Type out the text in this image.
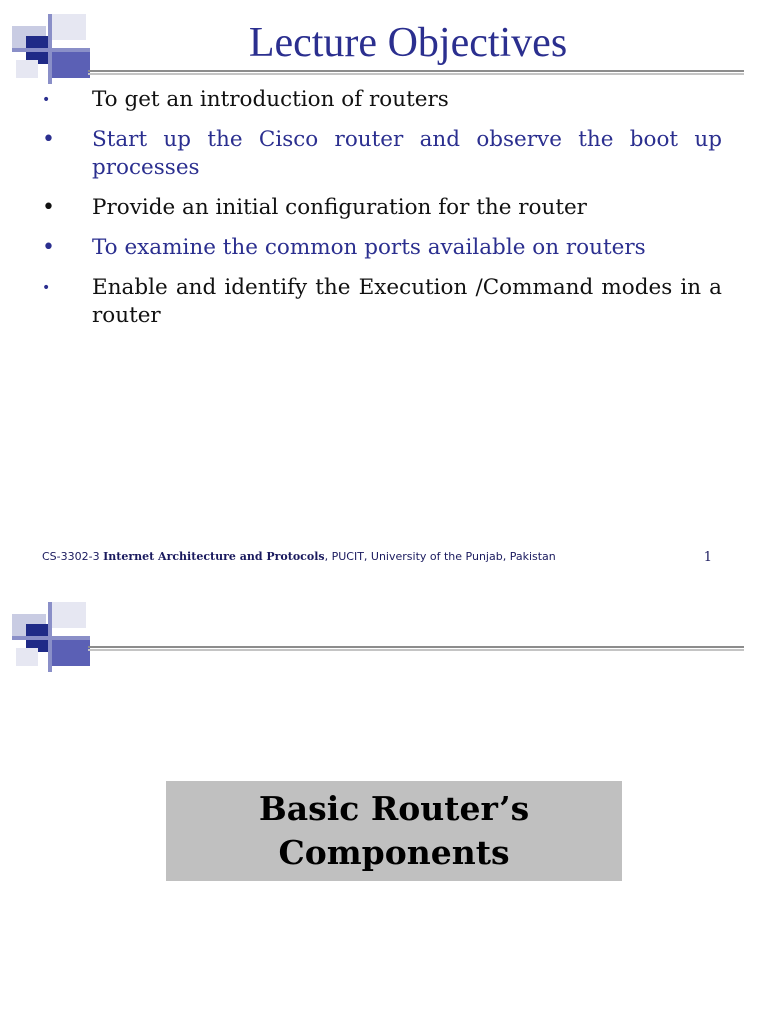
Lecture Objectives
•	To get an introduction of routers
•	Start up the Cisco router and observe the boot up processes
•	Provide an initial configuration for the router
•	To examine the common ports available on routers
•	Enable and identify the Execution /Command modes in a router
CS-3302-3 Internet Architecture and Protocols, PUCIT, University of the Punjab, Pakistan	1
Basic Router’s
Components
